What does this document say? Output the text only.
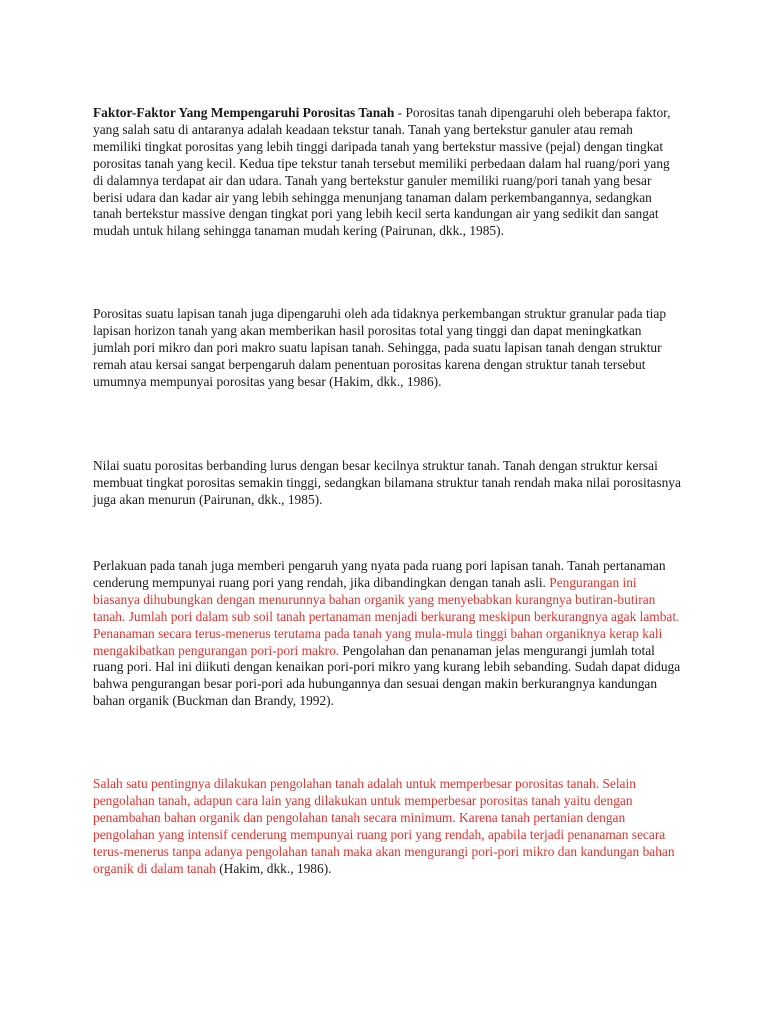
Faktor-Faktor Yang Mempengaruhi Porositas Tanah - Porositas tanah dipengaruhi oleh beberapa faktor, yang salah satu di antaranya adalah keadaan tekstur tanah. Tanah yang bertekstur ganuler atau remah memiliki tingkat porositas yang lebih tinggi daripada tanah yang bertekstur massive (pejal) dengan tingkat porositas tanah yang kecil. Kedua tipe tekstur tanah tersebut memiliki perbedaan dalam hal ruang/pori yang di dalamnya terdapat air dan udara. Tanah yang bertekstur ganuler memiliki ruang/pori tanah yang besar berisi udara dan kadar air yang lebih sehingga menunjang tanaman dalam perkembangannya, sedangkan tanah bertekstur massive dengan tingkat pori yang lebih kecil serta kandungan air yang sedikit dan sangat mudah untuk hilang sehingga tanaman mudah kering (Pairunan, dkk., 1985).

Porositas suatu lapisan tanah juga dipengaruhi oleh ada tidaknya perkembangan struktur granular pada tiap lapisan horizon tanah yang akan memberikan hasil porositas total yang tinggi dan dapat meningkatkan jumlah pori mikro dan pori makro suatu lapisan tanah. Sehingga, pada suatu lapisan tanah dengan struktur remah atau kersai sangat berpengaruh dalam penentuan porositas karena dengan struktur tanah tersebut umumnya mempunyai porositas yang besar (Hakim, dkk., 1986).

Nilai suatu porositas berbanding lurus dengan besar kecilnya struktur tanah. Tanah dengan struktur kersai membuat tingkat porositas semakin tinggi, sedangkan bilamana struktur tanah rendah maka nilai porositasnya juga akan menurun (Pairunan, dkk., 1985).

Perlakuan pada tanah juga memberi pengaruh yang nyata pada ruang pori lapisan tanah. Tanah pertanaman cenderung mempunyai ruang pori yang rendah, jika dibandingkan dengan tanah asli. Pengurangan ini biasanya dihubungkan dengan menurunnya bahan organik yang menyebabkan kurangnya butiran-butiran tanah. Jumlah pori dalam sub soil tanah pertanaman menjadi berkurang meskipun berkurangnya agak lambat. Penanaman secara terus-menerus terutama pada tanah yang mula-mula tinggi bahan organiknya kerap kali mengakibatkan pengurangan pori-pori makro. Pengolahan dan penanaman jelas mengurangi jumlah total ruang pori. Hal ini diikuti dengan kenaikan pori-pori mikro yang kurang lebih sebanding. Sudah dapat diduga bahwa pengurangan besar pori-pori ada hubungannya dan sesuai dengan makin berkurangnya kandungan bahan organik (Buckman dan Brandy, 1992).

Salah satu pentingnya dilakukan pengolahan tanah adalah untuk memperbesar porositas tanah. Selain pengolahan tanah, adapun cara lain yang dilakukan untuk memperbesar porositas tanah yaitu dengan penambahan bahan organik dan pengolahan tanah secara minimum. Karena tanah pertanian dengan pengolahan yang intensif cenderung mempunyai ruang pori yang rendah, apabila terjadi penanaman secara terus-menerus tanpa adanya pengolahan tanah maka akan mengurangi pori-pori mikro dan kandungan bahan organik di dalam tanah (Hakim, dkk., 1986).
